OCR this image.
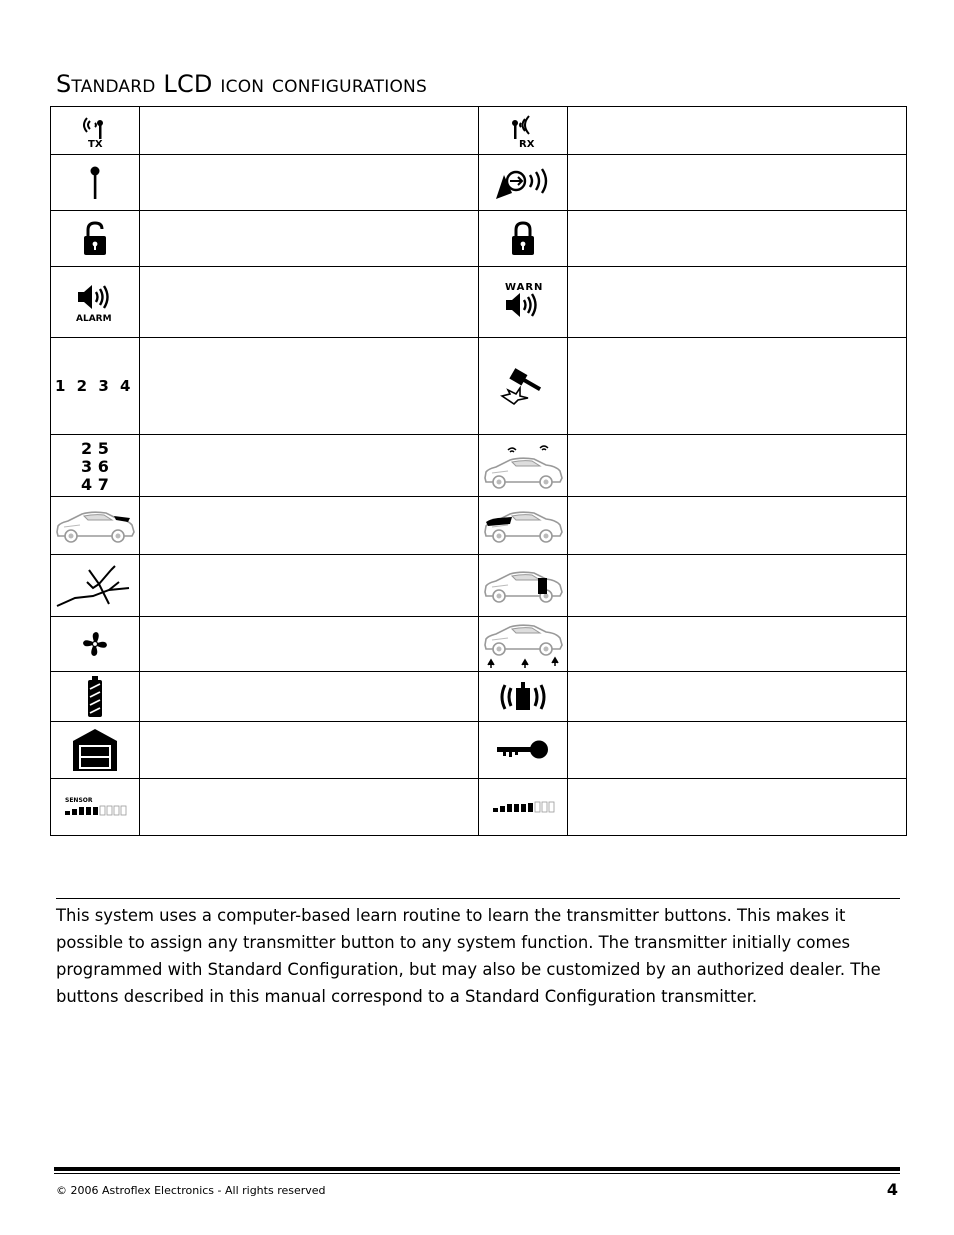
Standard LCD icon configurations
TX		RX	

ALARM		WARN	

1 2 3 4

2 5
3 6
4 7

SENSOR

This system uses a computer-based learn routine to learn the transmitter buttons. This makes it possible to assign any transmitter button to any system function. The transmitter initially comes programmed with Standard Configuration, but may also be customized by an authorized dealer. The buttons described in this manual correspond to a Standard Configuration transmitter.

© 2006 Astroflex Electronics - All rights reserved	4
